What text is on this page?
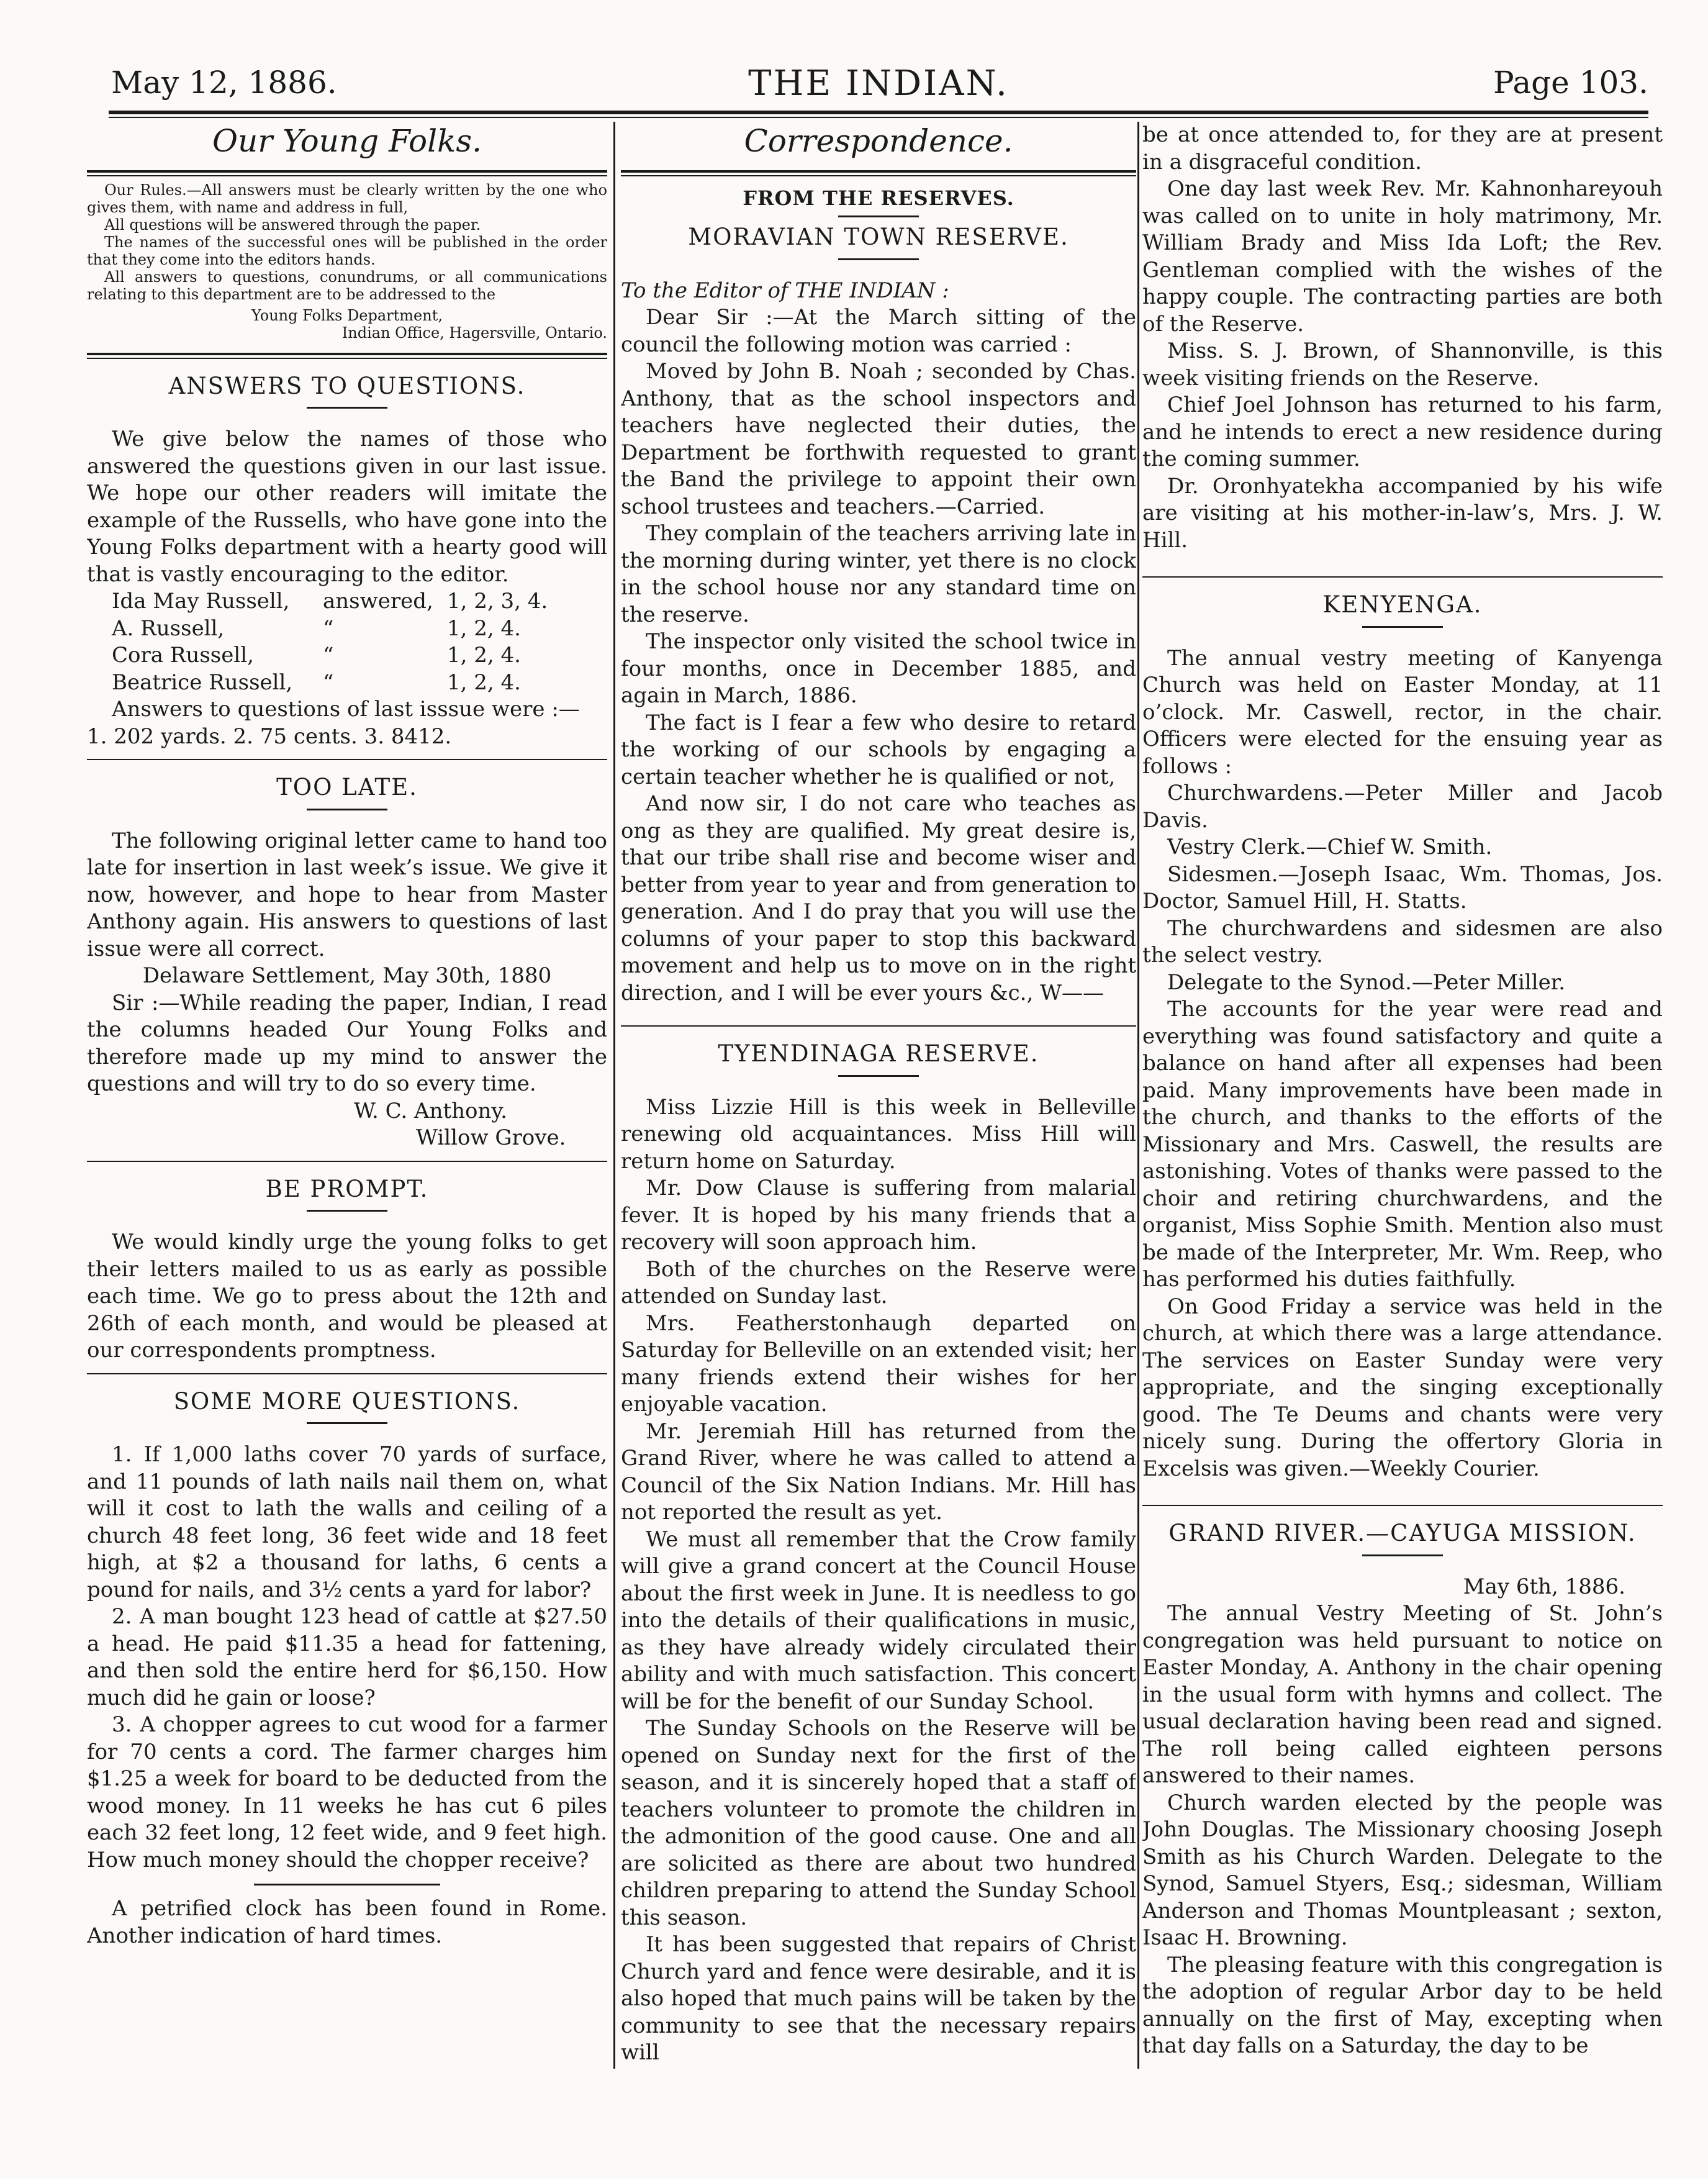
May 12, 1886.	THE INDIAN.	Page 103.
Our Young Folks.

Our Rules.—All answers must be clearly written by the one who gives them, with name and address in full,

All questions will be answered through the paper.

The names of the successful ones will be published in the order that they come into the editors hands.

All answers to questions, conundrums, or all communications relating to this department are to be addressed to the

Young Folks Department,

Indian Office, Hagersville, Ontario.

ANSWERS TO QUESTIONS.

We give below the names of those who answered the questions given in our last issue. We hope our other readers will imitate the example of the Russells, who have gone into the Young Folks department with a hearty good will that is vastly encouraging to the editor.

Ida May Russell,	answered, 1, 2, 3, 4.
A. Russell,	“	1, 2, 4.
Cora Russell,	“	1, 2, 4.
Beatrice Russell,	“	1, 2, 4.

Answers to questions of last isssue were :—

1. 202 yards. 2. 75 cents. 3. 8412.

TOO LATE.

The following original letter came to hand too late for insertion in last week’s issue. We give it now, however, and hope to hear from Master Anthony again. His answers to questions of last issue were all correct.

Delaware Settlement, May 30th, 1880

Sir :—While reading the paper, Indian, I read the columns headed Our Young Folks and therefore made up my mind to answer the questions and will try to do so every time.

W. C. Anthony.

Willow Grove.

BE PROMPT.

We would kindly urge the young folks to get their letters mailed to us as early as possible each time. We go to press about the 12th and 26th of each month, and would be pleased at our correspondents promptness.

SOME MORE QUESTIONS.

1. If 1,000 laths cover 70 yards of surface, and 11 pounds of lath nails nail them on, what will it cost to lath the walls and ceiling of a church 48 feet long, 36 feet wide and 18 feet high, at $2 a thousand for laths, 6 cents a pound for nails, and 3½ cents a yard for labor?

2. A man bought 123 head of cattle at $27.50 a head. He paid $11.35 a head for fattening, and then sold the entire herd for $6,150. How much did he gain or loose?

3. A chopper agrees to cut wood for a farmer for 70 cents a cord. The farmer charges him $1.25 a week for board to be deducted from the wood money. In 11 weeks he has cut 6 piles each 32 feet long, 12 feet wide, and 9 feet high. How much money should the chopper receive?

A petrified clock has been found in Rome. Another indication of hard times.

Correspondence.
FROM THE RESERVES.
MORAVIAN TOWN RESERVE.

To the Editor of THE INDIAN :

Dear Sir :—At the March sitting of the council the following motion was carried :

Moved by John B. Noah ; seconded by Chas. Anthony, that as the school inspectors and teachers have neglected their duties, the Department be forthwith requested to grant the Band the privilege to appoint their own school trustees and teachers.—Carried.

They complain of the teachers arriving late in the morning during winter, yet there is no clock in the school house nor any standard time on the reserve.

The inspector only visited the school twice in four months, once in December 1885, and again in March, 1886.

The fact is I fear a few who desire to retard the working of our schools by engaging a certain teacher whether he is qualified or not,

And now sir, I do not care who teaches as ong as they are qualified. My great desire is, that our tribe shall rise and become wiser and better from year to year and from generation to generation. And I do pray that you will use the columns of your paper to stop this backward movement and help us to move on in the right direction, and I will be ever yours &c., W——

TYENDINAGA RESERVE.

Miss Lizzie Hill is this week in Belleville renewing old acquaintances. Miss Hill will return home on Saturday.

Mr. Dow Clause is suffering from malarial fever. It is hoped by his many friends that a recovery will soon approach him.

Both of the churches on the Reserve were attended on Sunday last.

Mrs. Featherstonhaugh departed on Saturday for Belleville on an extended visit; her many friends extend their wishes for her enjoyable vacation.

Mr. Jeremiah Hill has returned from the Grand River, where he was called to attend a Council of the Six Nation Indians. Mr. Hill has not reported the result as yet.

We must all remember that the Crow family will give a grand concert at the Council House about the first week in June. It is needless to go into the details of their qualifications in music, as they have already widely circulated their ability and with much satisfaction. This concert will be for the benefit of our Sunday School.

The Sunday Schools on the Reserve will be opened on Sunday next for the first of the season, and it is sincerely hoped that a staff of teachers volunteer to promote the children in the admonition of the good cause. One and all are solicited as there are about two hundred children preparing to attend the Sunday School this season.

It has been suggested that repairs of Christ Church yard and fence were desirable, and it is also hoped that much pains will be taken by the community to see that the necessary repairs will

be at once attended to, for they are at present in a disgraceful condition.

One day last week Rev. Mr. Kahnonhareyouh was called on to unite in holy matrimony, Mr. William Brady and Miss Ida Loft; the Rev. Gentleman complied with the wishes of the happy couple. The contracting parties are both of the Reserve.

Miss. S. J. Brown, of Shannonville, is this week visiting friends on the Reserve.

Chief Joel Johnson has returned to his farm, and he intends to erect a new residence during the coming summer.

Dr. Oronhyatekha accompanied by his wife are visiting at his mother-in-law’s, Mrs. J. W. Hill.

KENYENGA.

The annual vestry meeting of Kanyenga Church was held on Easter Monday, at 11 o’clock. Mr. Caswell, rector, in the chair. Officers were elected for the ensuing year as follows :

Churchwardens.—Peter Miller and Jacob Davis.

Vestry Clerk.—Chief W. Smith.

Sidesmen.—Joseph Isaac, Wm. Thomas, Jos. Doctor, Samuel Hill, H. Statts.

The churchwardens and sidesmen are also the select vestry.

Delegate to the Synod.—Peter Miller.

The accounts for the year were read and everything was found satisfactory and quite a balance on hand after all expenses had been paid. Many improvements have been made in the church, and thanks to the efforts of the Missionary and Mrs. Caswell, the results are astonishing. Votes of thanks were passed to the choir and retiring churchwardens, and the organist, Miss Sophie Smith. Mention also must be made of the Interpreter, Mr. Wm. Reep, who has performed his duties faithfully.

On Good Friday a service was held in the church, at which there was a large attendance. The services on Easter Sunday were very appropriate, and the singing exceptionally good. The Te Deums and chants were very nicely sung. During the offertory Gloria in Excelsis was given.—Weekly Courier.

GRAND RIVER.—CAYUGA MISSION.

May 6th, 1886.

The annual Vestry Meeting of St. John’s congregation was held pursuant to notice on Easter Monday, A. Anthony in the chair opening in the usual form with hymns and collect. The usual declaration having been read and signed. The roll being called eighteen persons answered to their names.

Church warden elected by the people was John Douglas. The Missionary choosing Joseph Smith as his Church Warden. Delegate to the Synod, Samuel Styers, Esq.; sidesman, William Anderson and Thomas Mountpleasant ; sexton, Isaac H. Browning.

The pleasing feature with this congregation is the adoption of regular Arbor day to be held annually on the first of May, excepting when that day falls on a Saturday, the day to be
